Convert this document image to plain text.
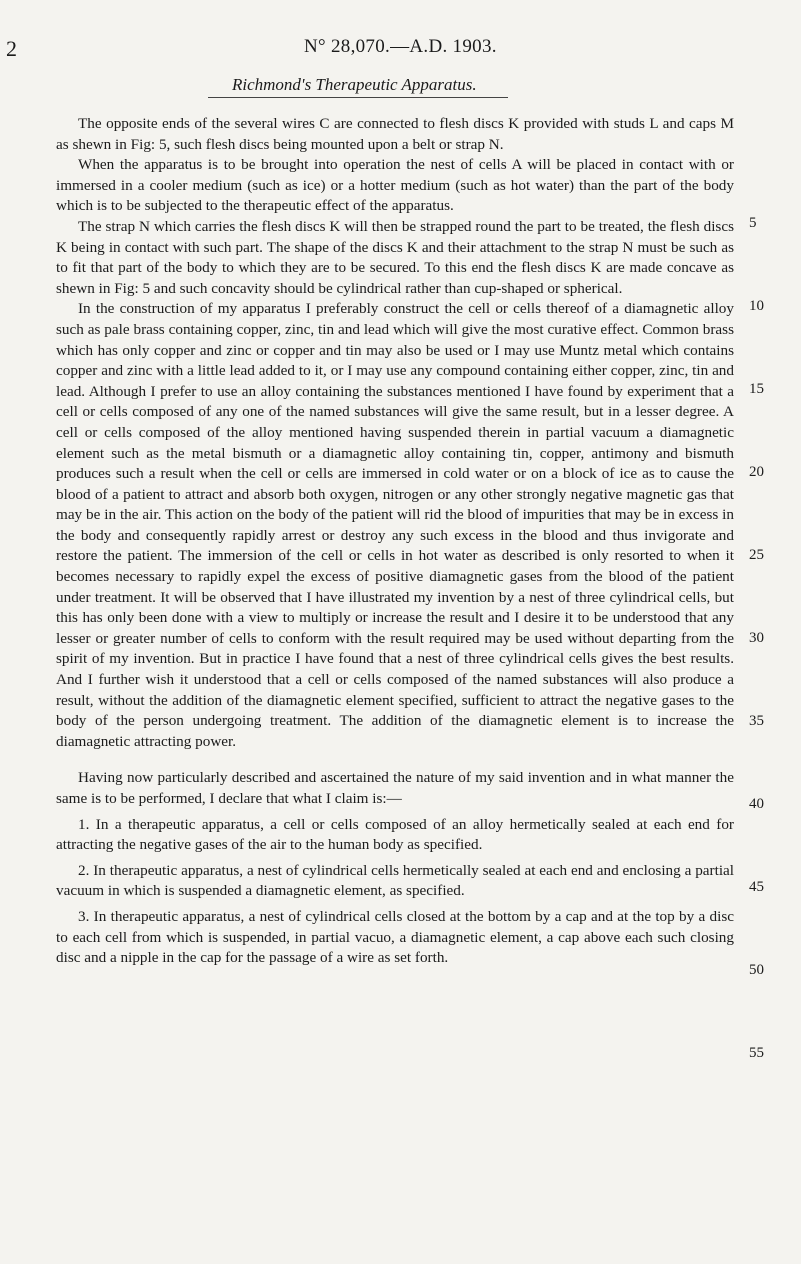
2	N° 28,070.—A.D. 1903.
Richmond's Therapeutic Apparatus.

The opposite ends of the several wires C are connected to flesh discs K provided with studs L and caps M as shewn in Fig: 5, such flesh discs being mounted upon a belt or strap N.

When the apparatus is to be brought into operation the nest of cells A will be placed in contact with or immersed in a cooler medium (such as ice) or a hotter medium (such as hot water) than the part of the body which is to be subjected to the therapeutic effect of the apparatus.

The strap N which carries the flesh discs K will then be strapped round the part to be treated, the flesh discs K being in contact with such part. The shape of the discs K and their attachment to the strap N must be such as to fit that part of the body to which they are to be secured. To this end the flesh discs K are made concave as shewn in Fig: 5 and such concavity should be cylindrical rather than cup-shaped or spherical.

In the construction of my apparatus I preferably construct the cell or cells thereof of a diamagnetic alloy such as pale brass containing copper, zinc, tin and lead which will give the most curative effect. Common brass which has only copper and zinc or copper and tin may also be used or I may use Muntz metal which contains copper and zinc with a little lead added to it, or I may use any compound containing either copper, zinc, tin and lead. Although I prefer to use an alloy containing the substances mentioned I have found by experiment that a cell or cells composed of any one of the named substances will give the same result, but in a lesser degree. A cell or cells composed of the alloy mentioned having suspended therein in partial vacuum a diamagnetic element such as the metal bismuth or a diamagnetic alloy containing tin, copper, antimony and bismuth produces such a result when the cell or cells are immersed in cold water or on a block of ice as to cause the blood of a patient to attract and absorb both oxygen, nitrogen or any other strongly negative magnetic gas that may be in the air. This action on the body of the patient will rid the blood of impurities that may be in excess in the body and consequently rapidly arrest or destroy any such excess in the blood and thus invigorate and restore the patient. The immersion of the cell or cells in hot water as described is only resorted to when it becomes necessary to rapidly expel the excess of positive diamagnetic gases from the blood of the patient under treatment. It will be observed that I have illustrated my invention by a nest of three cylindrical cells, but this has only been done with a view to multiply or increase the result and I desire it to be understood that any lesser or greater number of cells to conform with the result required may be used without departing from the spirit of my invention. But in practice I have found that a nest of three cylindrical cells gives the best results. And I further wish it understood that a cell or cells composed of the named substances will also produce a result, without the addition of the diamagnetic element specified, sufficient to attract the negative gases to the body of the person undergoing treatment. The addition of the diamagnetic element is to increase the diamagnetic attracting power.

Having now particularly described and ascertained the nature of my said invention and in what manner the same is to be performed, I declare that what I claim is:—

1. In a therapeutic apparatus, a cell or cells composed of an alloy hermetically sealed at each end for attracting the negative gases of the air to the human body as specified.

2. In therapeutic apparatus, a nest of cylindrical cells hermetically sealed at each end and enclosing a partial vacuum in which is suspended a diamagnetic element, as specified.

3. In therapeutic apparatus, a nest of cylindrical cells closed at the bottom by a cap and at the top by a disc to each cell from which is suspended, in partial vacuo, a diamagnetic element, a cap above each such closing disc and a nipple in the cap for the passage of a wire as set forth.

5
10
15
20
25
30
35
40
45
50
55
